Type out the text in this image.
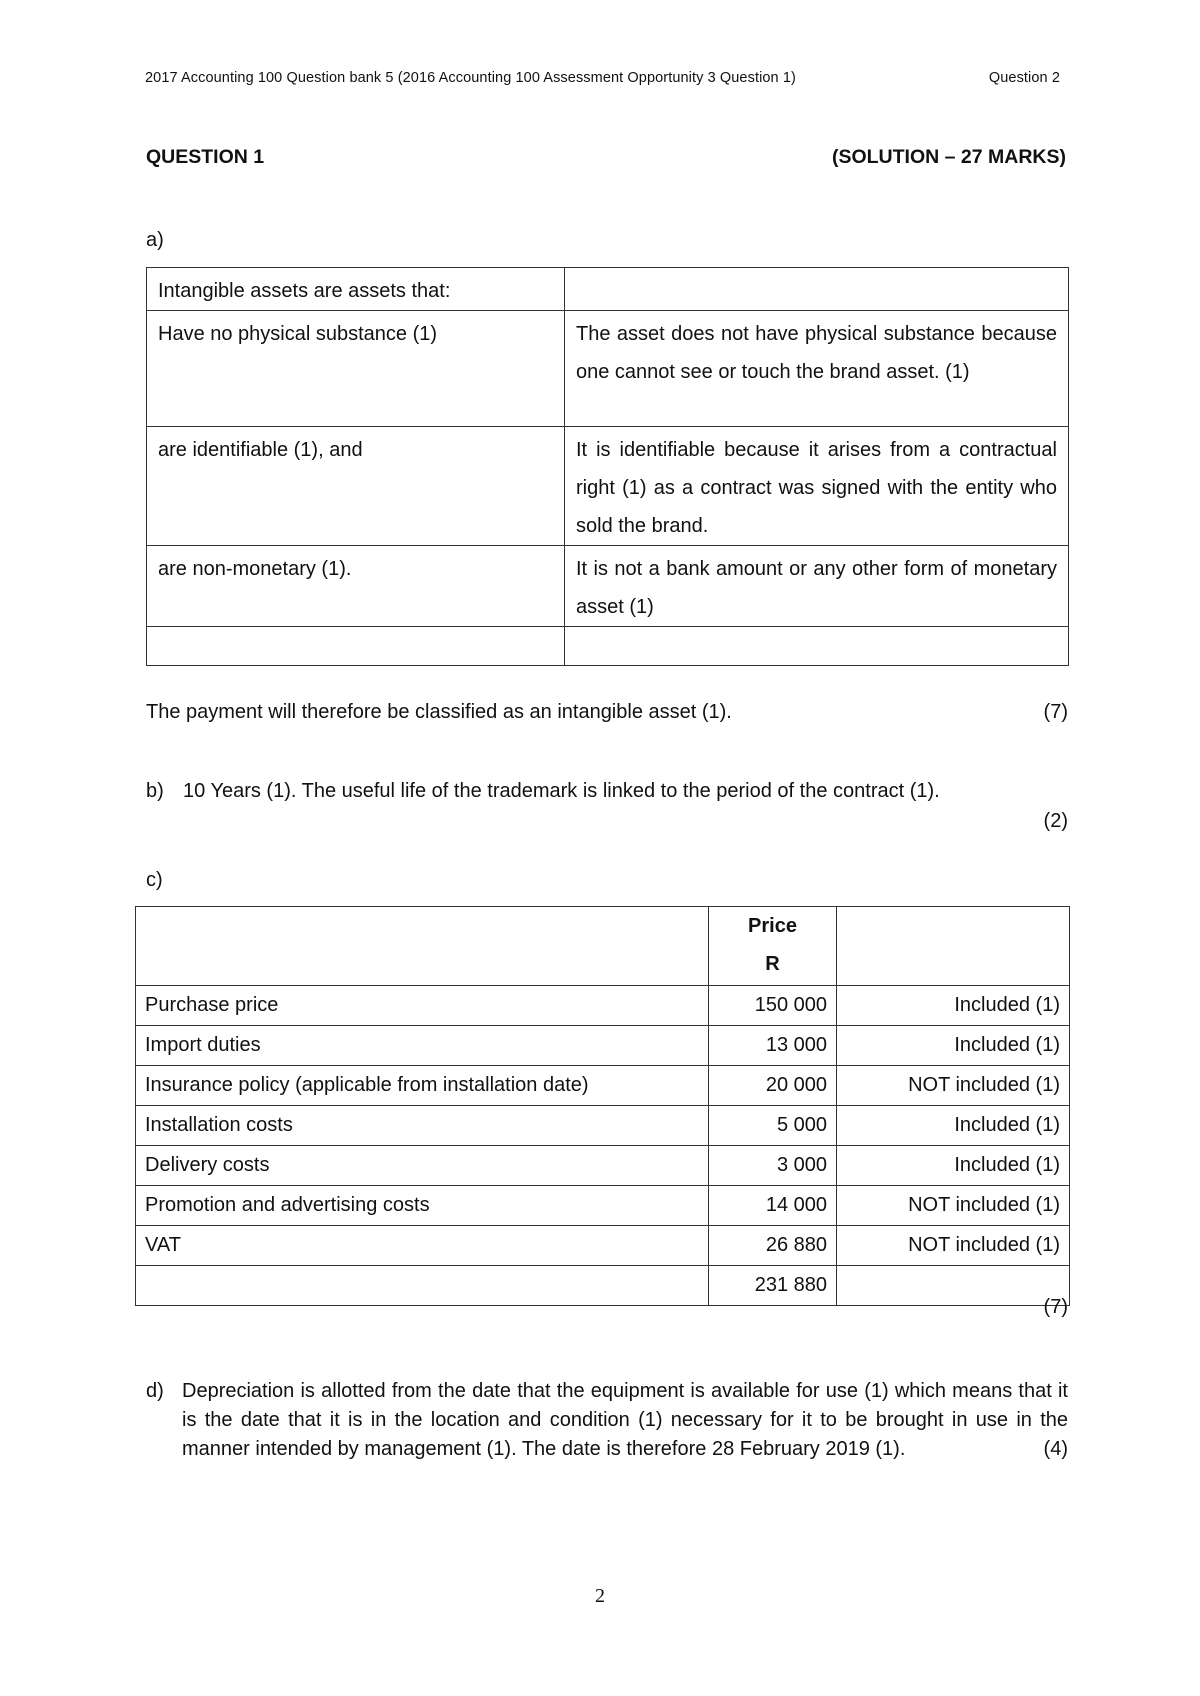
2017 Accounting 100 Question bank 5 (2016 Accounting 100 Assessment Opportunity 3 Question 1)	Question 2
QUESTION 1	(SOLUTION – 27 MARKS)
a)
Intangible assets are assets that:	
Have no physical substance (1)	The asset does not have physical substance because one cannot see or touch the brand asset. (1)
are identifiable (1), and	It is identifiable because it arises from a contractual right (1) as a contract was signed with the entity who sold the brand.
are non-monetary (1).	It is not a bank amount or any other form of monetary asset (1)

The payment will therefore be classified as an intangible asset (1).	(7)
b) 10 Years (1). The useful life of the trademark is linked to the period of the contract (1).
(2)
c)

	Price
R	

Purchase price	150 000	Included (1)
Import duties	13 000	Included (1)
Insurance policy (applicable from installation date)	20 000	NOT included (1)
Installation costs	5 000	Included (1)
Delivery costs	3 000	Included (1)
Promotion and advertising costs	14 000	NOT included (1)
VAT	26 880	NOT included (1)
	231 880	
(7)
d) Depreciation is allotted from the date that the equipment is available for use (1) which means that it is the date that it is in the location and condition (1) necessary for it to be brought in use in the manner intended by management (1). The date is therefore 28 February 2019 (1).	(4)
2
